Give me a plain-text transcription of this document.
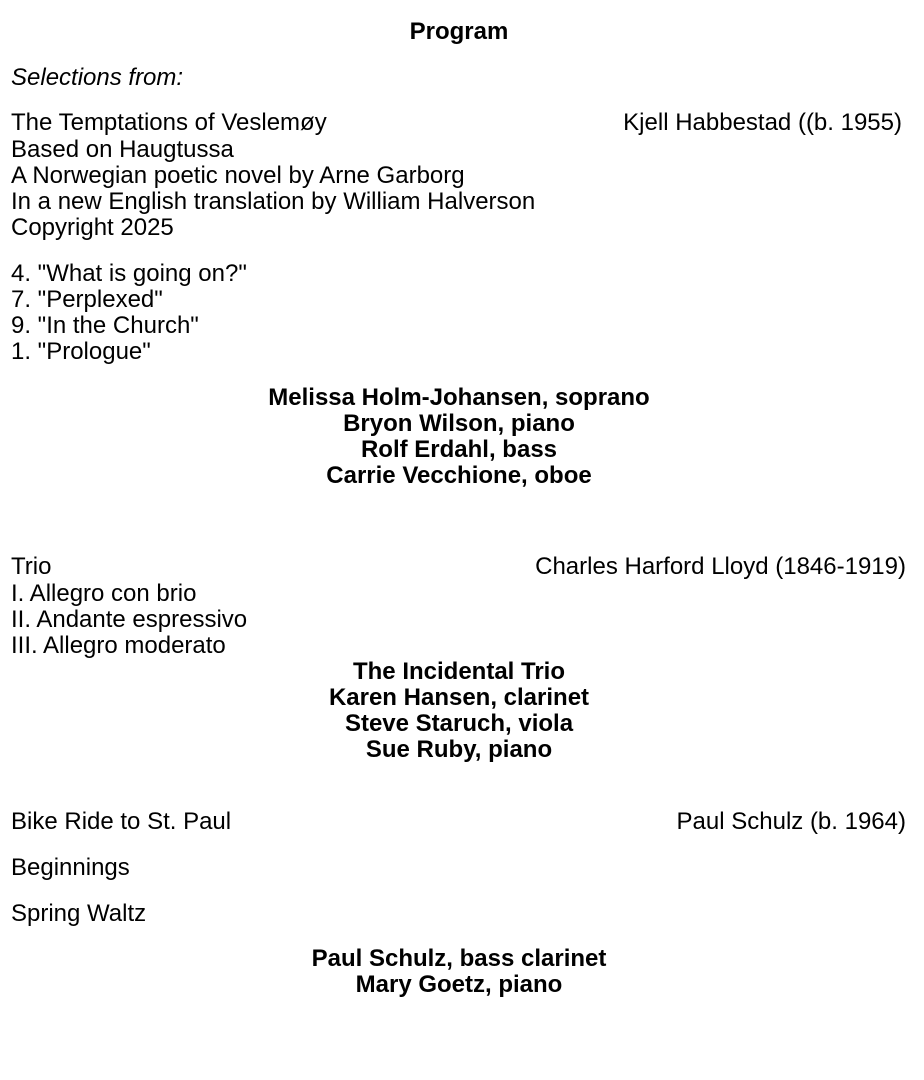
Program
Selections from:
The Temptations of Veslemøy	Kjell Habbestad ((b. 1955)
Based on Haugtussa
A Norwegian poetic novel by Arne Garborg
In a new English translation by William Halverson
Copyright 2025
4. "What is going on?"
7. "Perplexed"
9. "In the Church"
1. "Prologue"
Melissa Holm-Johansen, soprano
Bryon Wilson, piano
Rolf Erdahl, bass
Carrie Vecchione, oboe
Trio	Charles Harford Lloyd (1846-1919)
I. Allegro con brio
II. Andante espressivo
III. Allegro moderato
The Incidental Trio
Karen Hansen, clarinet
Steve Staruch, viola
Sue Ruby, piano
Bike Ride to St. Paul	Paul Schulz (b. 1964)
Beginnings
Spring Waltz
Paul Schulz, bass clarinet
Mary Goetz, piano
